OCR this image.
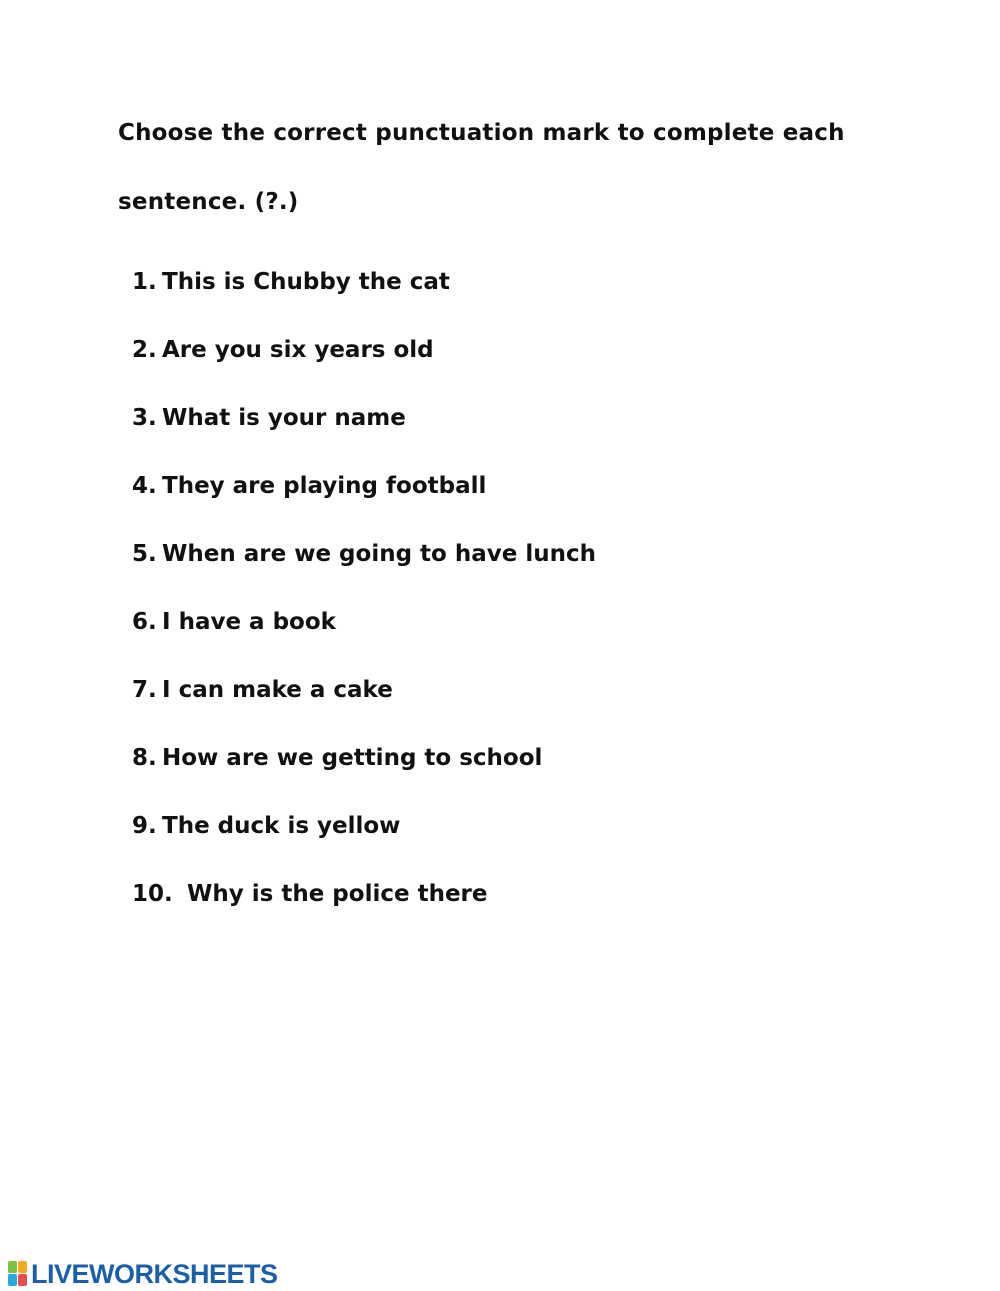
Choose the correct punctuation mark to complete each
sentence. (?.)
1. This is Chubby the cat
2. Are you six years old
3. What is your name
4. They are playing football
5. When are we going to have lunch
6. I have a book
7. I can make a cake
8. How are we getting to school
9. The duck is yellow
10. Why is the police there
LIVEWORKSHEETS
